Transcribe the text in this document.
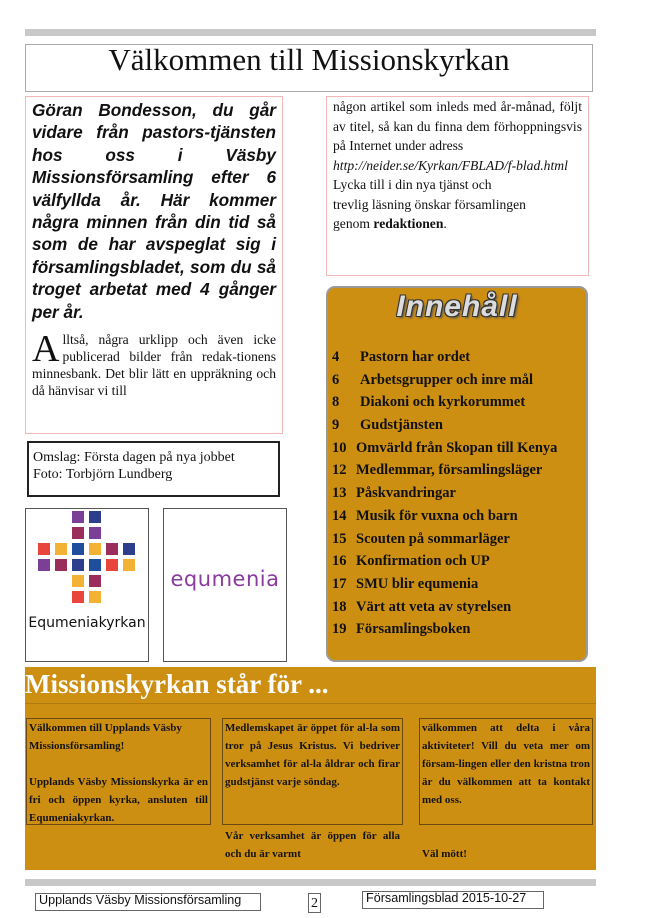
Välkommen till Missionskyrkan

Göran Bondesson, du går vidare från pastors-tjänsten hos oss i Väsby Missionsförsamling efter 6 välfyllda år. Här kommer några minnen från din tid så som de har avspeglat sig i församlingsbladet, som du så troget arbetat med 4 gånger per år.

Alltså, några urklipp och även icke publicerad bilder från redak-tionens minnesbank. Det blir lätt en uppräkning och då hänvisar vi till

någon artikel som inleds med år-månad, följt av titel, så kan du finna dem förhoppningsvis på Internet under adress

http://neider.se/Kyrkan/FBLAD/f-blad.html

Lycka till i din nya tjänst och

trevlig läsning önskar församlingen

genom redaktionen.

Omslag: Första dagen på nya jobbet
Foto: Torbjörn Lundberg
Equmeniakyrkan
equmenia
Innehåll
4 Pastorn har ordet
6 Arbetsgrupper och inre mål
8 Diakoni och kyrkorummet
9 Gudstjänsten
10 Omvärld från Skopan till Kenya
12 Medlemmar, församlingsläger
13 Påskvandringar
14 Musik för vuxna och barn
15 Scouten på sommarläger
16 Konfirmation och UP
17 SMU blir equmenia
18 Värt att veta av styrelsen
19 Församlingsboken
Missionskyrkan står för ...

Välkommen till Upplands Väsby Missionsförsamling!

Upplands Väsby Missionskyrka är en fri och öppen kyrka, ansluten till Equmeniakyrkan.

Medlemskapet är öppet för al-la som tror på Jesus Kristus. Vi bedriver verksamhet för al-la åldrar och firar gudstjänst varje söndag.

Vår verksamhet är öppen för alla och du är varmt

välkommen att delta i våra aktiviteter! Vill du veta mer om försam-lingen eller den kristna tron är du välkommen att ta kontakt med oss.

Väl mött!

Upplands Väsby Missionsförsamling	2	Församlingsblad 2015-10-27
